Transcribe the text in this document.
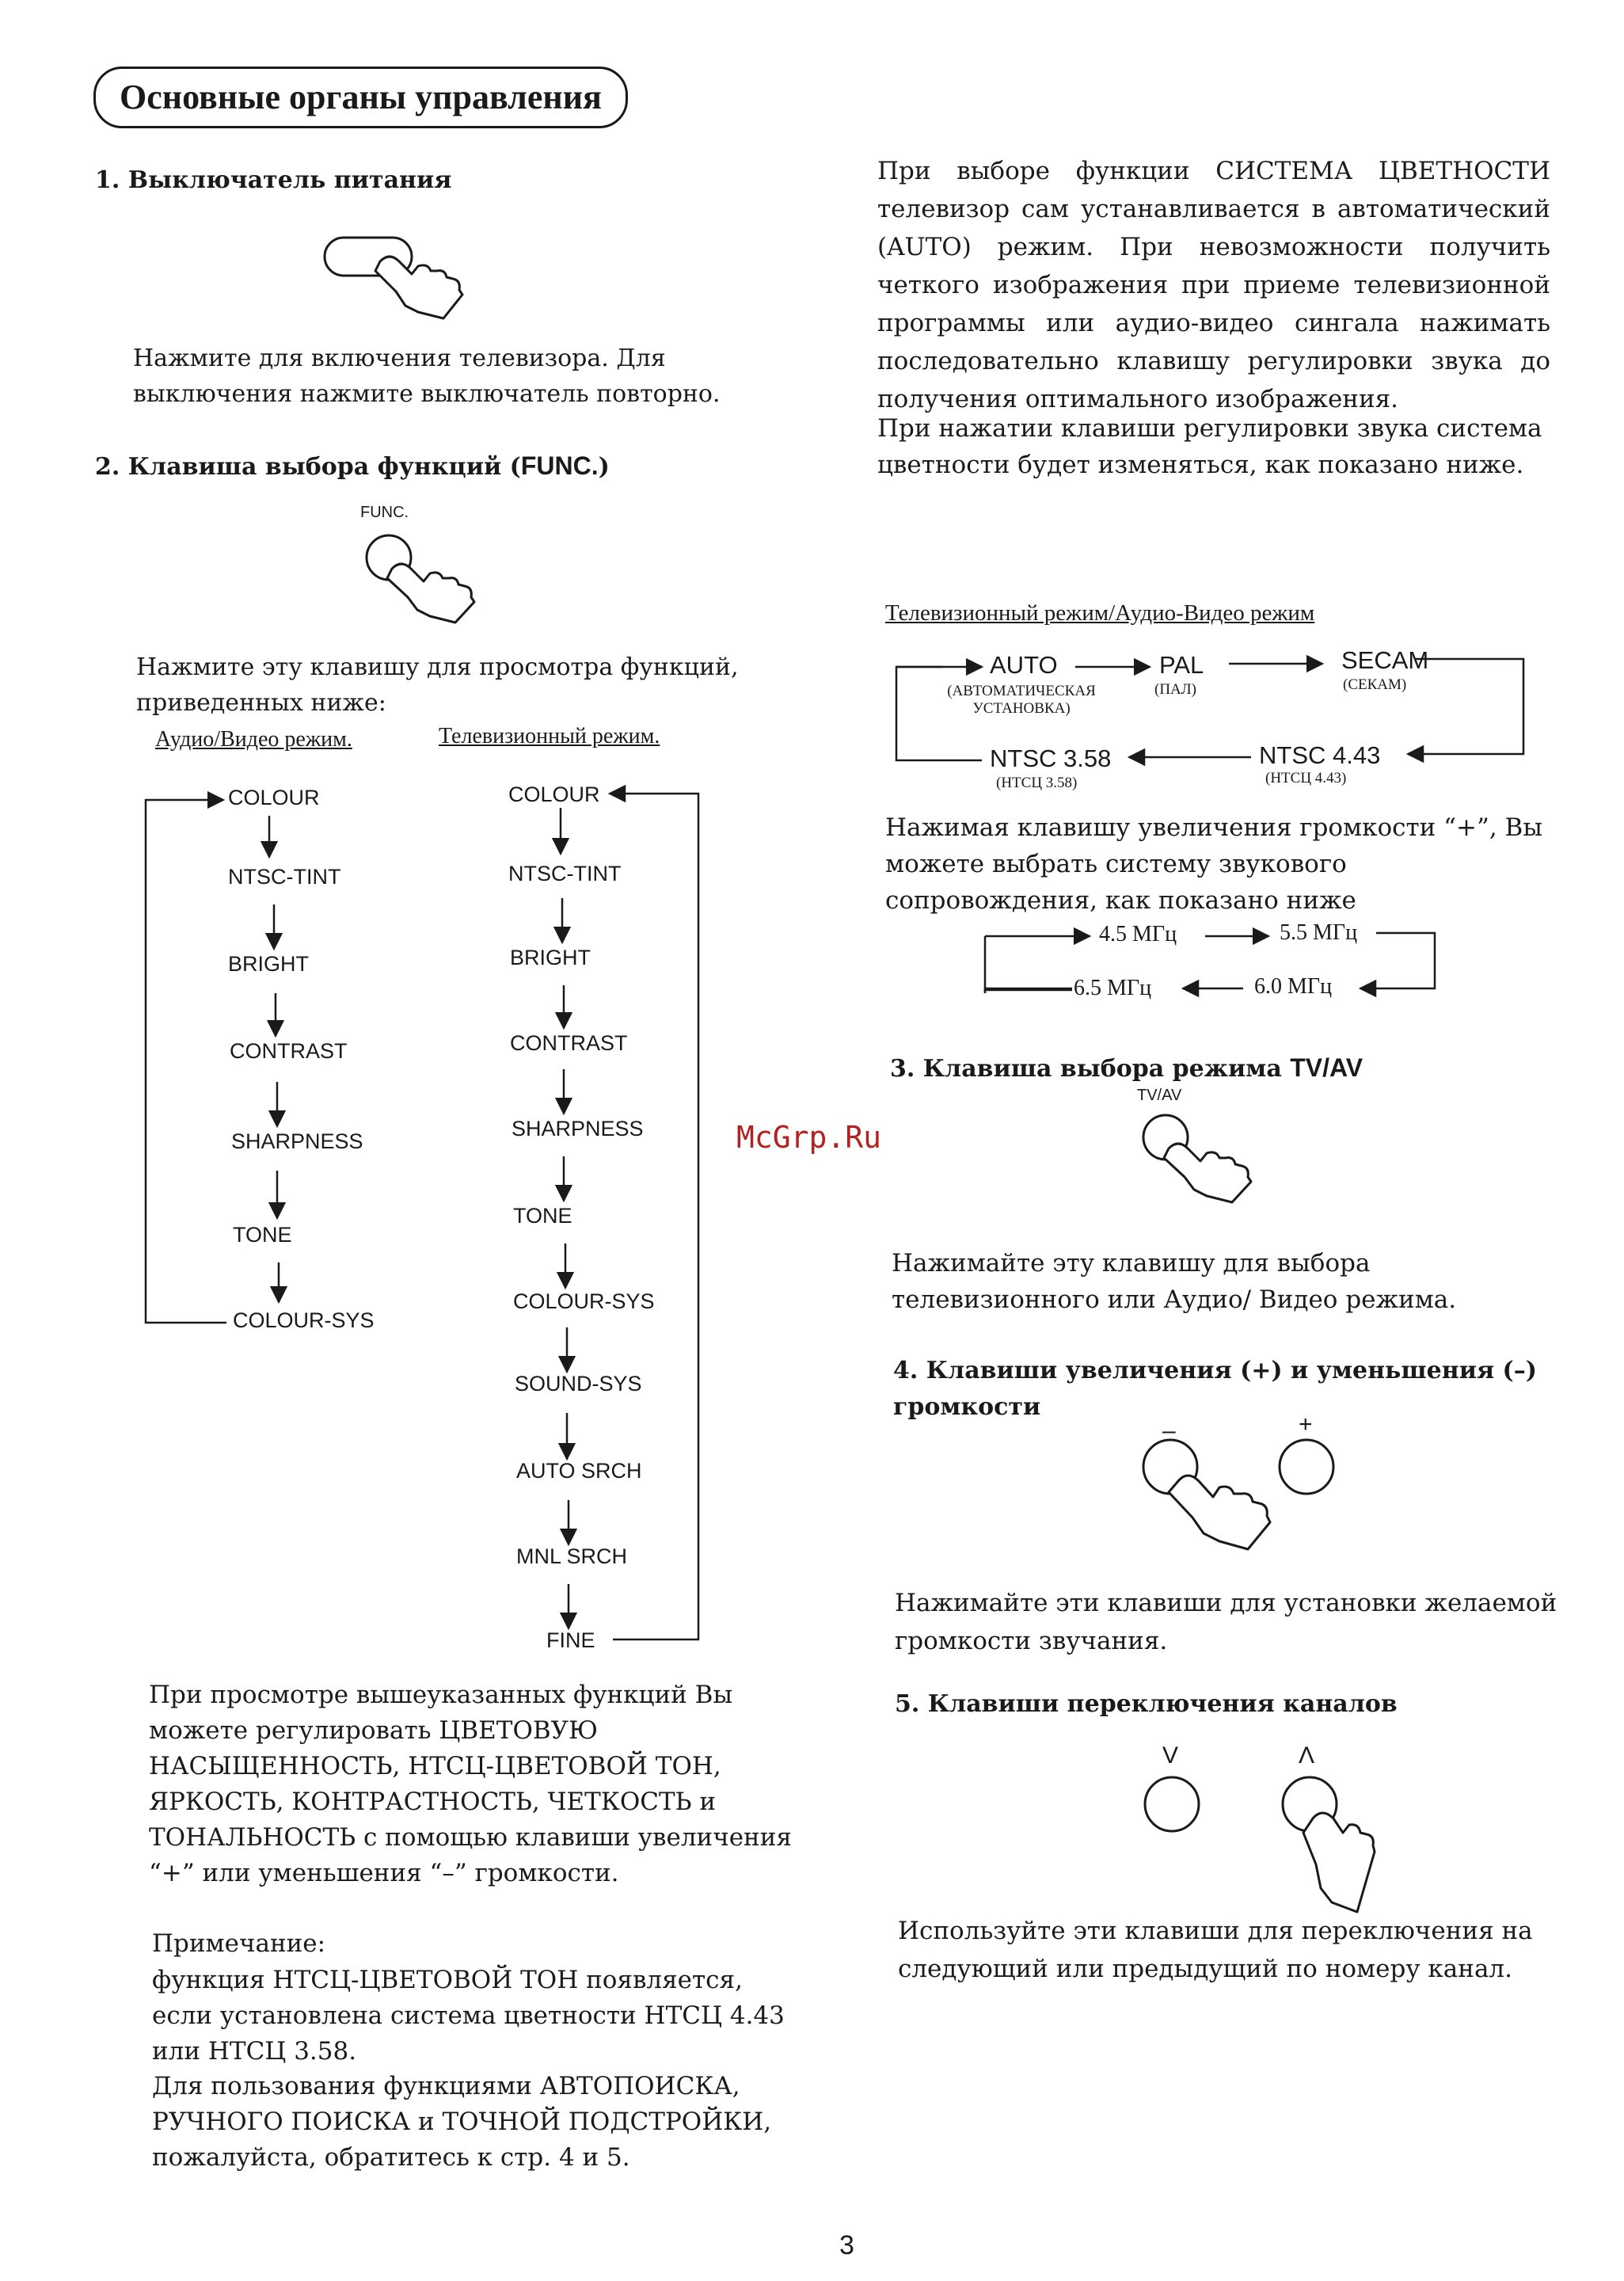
Основные органы управления
1. Выключатель питания
Нажмите для включения телевизора. Для выключения нажмите выключатель повторно.
2. Клавиша выбора функций (FUNC.)
FUNC.
Нажмите эту клавишу для просмотра функций, приведенных ниже:
Аудио/Видео режим.	Телевизионный режим.
COLOUR
NTSC-TINT
BRIGHT
CONTRAST
SHARPNESS
TONE
COLOUR-SYS
COLOUR
NTSC-TINT
BRIGHT
CONTRAST
SHARPNESS
TONE
COLOUR-SYS
SOUND-SYS
AUTO SRCH
MNL SRCH
FINE
При просмотре вышеуказанных функций Вы можете регулировать ЦВЕТОВУЮ НАСЫЩЕННОСТЬ, НТСЦ-ЦВЕТОВОЙ ТОН, ЯРКОСТЬ, КОНТРАСТНОСТЬ, ЧЕТКОСТЬ и ТОНАЛЬНОСТЬ с помощью клавиши увеличения “+” или уменьшения “–” громкости.
Примечание:
функция НТСЦ-ЦВЕТОВОЙ ТОН появляется, если установлена система цветности НТСЦ 4.43 или НТСЦ 3.58.
Для пользования функциями АВТОПОИСКА, РУЧНОГО ПОИСКА и ТОЧНОЙ ПОДСТРОЙКИ, пожалуйста, обратитесь к стр. 4 и 5.
При выборе функции СИСТЕМА ЦВЕТНОСТИ телевизор сам устанавливается в автоматический (AUTO) режим. При невозможности получить четкого изображения при приеме телевизионной программы или аудио-видео сингала нажимать последовательно клавишу регулировки звука до получения оптимального изображения.
При нажатии клавиши регулировки звука система цветности будет изменяться, как показано ниже.
Телевизионный режим/Аудио-Видео режим
AUTO
(АВТОМАТИЧЕСКАЯ УСТАНОВКА)
PAL
(ПАЛ)
SECAM
(СЕКАМ)
NTSC 4.43
(НТСЦ 4.43)
NTSC 3.58
(НТСЦ 3.58)
Нажимая клавишу увеличения громкости “+”, Вы можете выбрать систему звукового сопровождения, как показано ниже
4.5 МГц	5.5 МГц
6.0 МГц
6.5 МГц
3. Клавиша выбора режима TV/AV
TV/AV
Нажимайте эту клавишу для выбора телевизионного или Аудио/ Видео режима.
4. Клавиши увеличения (+) и уменьшения (–) громкости
–	+
Нажимайте эти клавиши для установки желаемой громкости звучания.
5. Клавиши переключения каналов
V	Λ
Используйте эти клавиши для переключения на следующий или предыдущий по номеру канал.
McGrp.Ru
3
